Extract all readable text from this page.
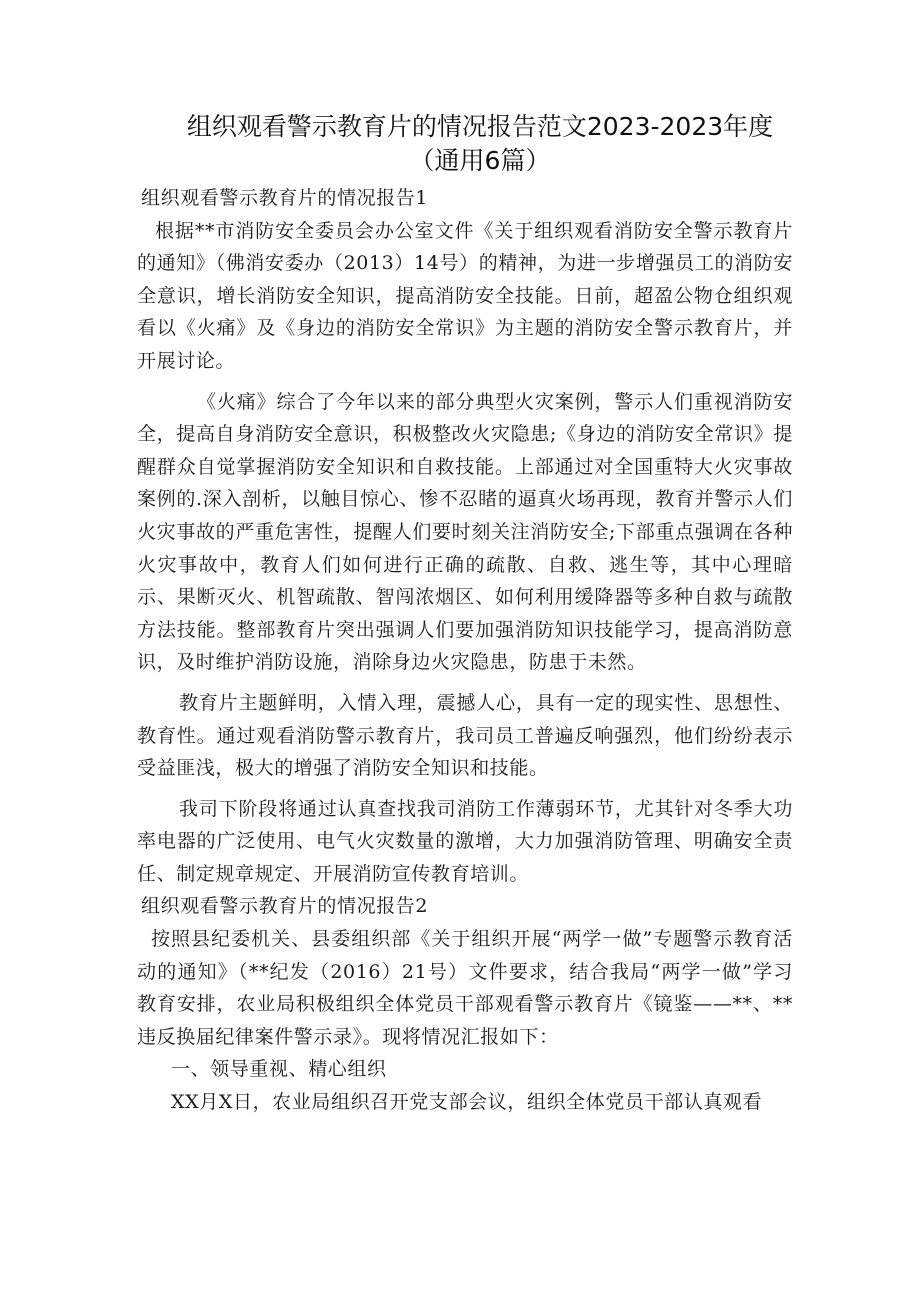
组织观看警示教育片的情况报告范文2023-2023年度
（通用6篇）

组织观看警示教育片的情况报告1

根据**市消防安全委员会办公室文件《关于组织观看消防安全警示教育片的通知》（佛消安委办（2013）14号）的精神，为进一步增强员工的消防安全意识，增长消防安全知识，提高消防安全技能。日前，超盈公物仓组织观看以《火痛》及《身边的消防安全常识》为主题的消防安全警示教育片，并开展讨论。

《火痛》综合了今年以来的部分典型火灾案例，警示人们重视消防安全，提高自身消防安全意识，积极整改火灾隐患;《身边的消防安全常识》提醒群众自觉掌握消防安全知识和自救技能。上部通过对全国重特大火灾事故案例的.深入剖析，以触目惊心、惨不忍睹的逼真火场再现，教育并警示人们火灾事故的严重危害性，提醒人们要时刻关注消防安全;下部重点强调在各种火灾事故中，教育人们如何进行正确的疏散、自救、逃生等，其中心理暗示、果断灭火、机智疏散、智闯浓烟区、如何利用缓降器等多种自救与疏散方法技能。整部教育片突出强调人们要加强消防知识技能学习，提高消防意识，及时维护消防设施，消除身边火灾隐患，防患于未然。

教育片主题鲜明，入情入理，震撼人心，具有一定的现实性、思想性、教育性。通过观看消防警示教育片，我司员工普遍反响强烈，他们纷纷表示受益匪浅，极大的增强了消防安全知识和技能。

我司下阶段将通过认真查找我司消防工作薄弱环节，尤其针对冬季大功率电器的广泛使用、电气火灾数量的激增，大力加强消防管理、明确安全责任、制定规章规定、开展消防宣传教育培训。

组织观看警示教育片的情况报告2

按照县纪委机关、县委组织部《关于组织开展“两学一做”专题警示教育活动的通知》（**纪发（2016）21号）文件要求，结合我局“两学一做”学习教育安排，农业局积极组织全体党员干部观看警示教育片《镜鉴——**、**违反换届纪律案件警示录》。现将情况汇报如下：

一、领导重视、精心组织

XX月X日，农业局组织召开党支部会议，组织全体党员干部认真观看
